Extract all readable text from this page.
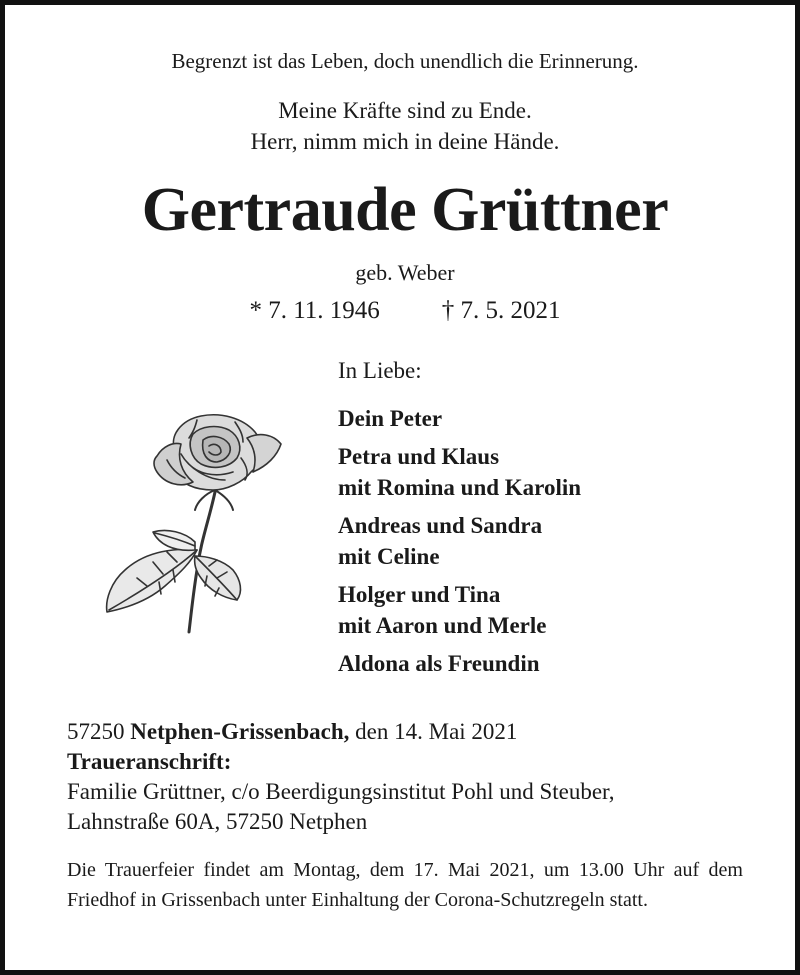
Begrenzt ist das Leben, doch unendlich die Erinnerung.
Meine Kräfte sind zu Ende.
Herr, nimm mich in deine Hände.
Gertraude Grüttner
geb. Weber
* 7. 11. 1946 † 7. 5. 2021
In Liebe:
Dein Peter
Petra und Klaus
mit Romina und Karolin
Andreas und Sandra
mit Celine
Holger und Tina
mit Aaron und Merle
Aldona als Freundin
57250 Netphen-Grissenbach, den 14. Mai 2021
Traueranschrift:
Familie Grüttner, c/o Beerdigungsinstitut Pohl und Steuber,
Lahnstraße 60A, 57250 Netphen
Die Trauerfeier findet am Montag, dem 17. Mai 2021, um 13.00 Uhr auf dem Friedhof in Grissenbach unter Einhaltung der Corona-Schutzregeln statt.
